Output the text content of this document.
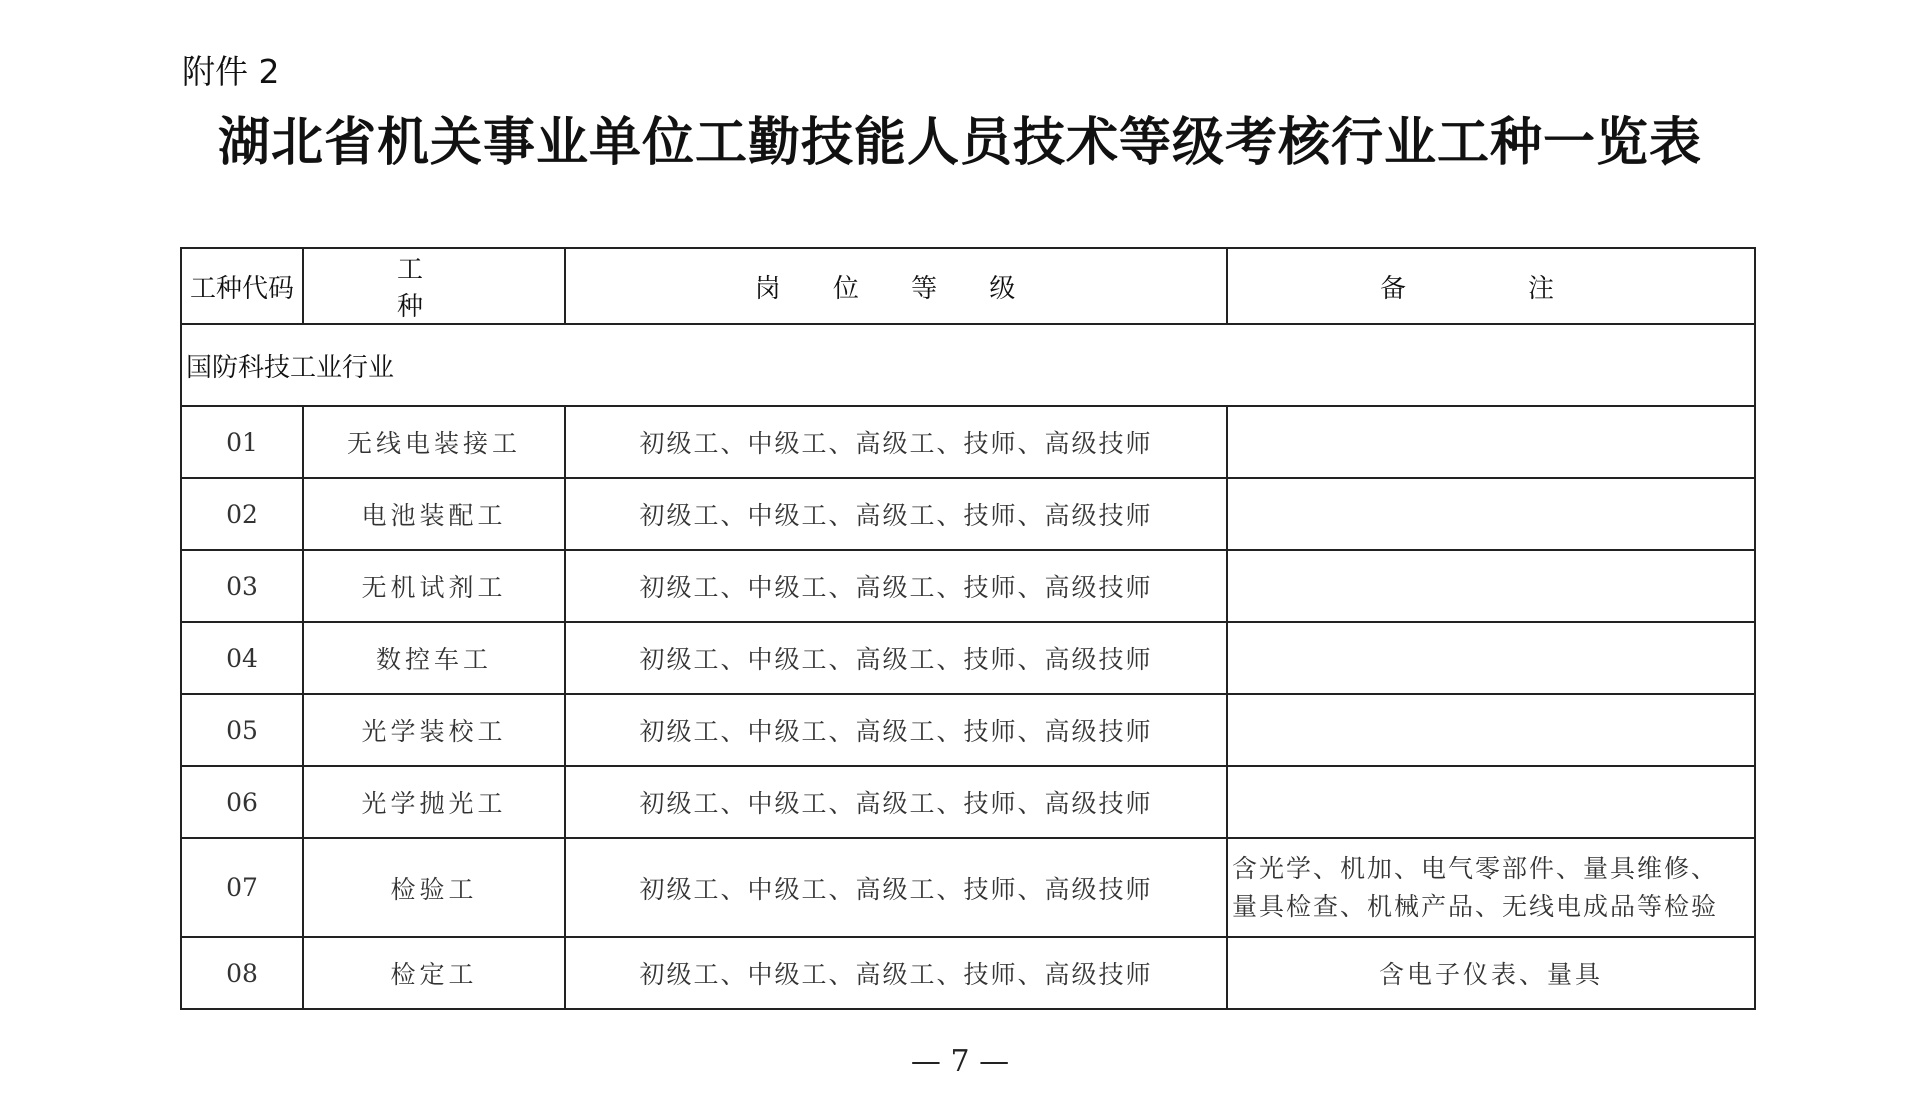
附件 2
湖北省机关事业单位工勤技能人员技术等级考核行业工种一览表
工种代码	工　　种	岗 位 等 级	备　注
国防科技工业行业			
01	无线电装接工	初级工、中级工、高级工、技师、高级技师	
02	电池装配工	初级工、中级工、高级工、技师、高级技师	
03	无机试剂工	初级工、中级工、高级工、技师、高级技师	
04	数控车工	初级工、中级工、高级工、技师、高级技师	
05	光学装校工	初级工、中级工、高级工、技师、高级技师	
06	光学抛光工	初级工、中级工、高级工、技师、高级技师	
07	检验工	初级工、中级工、高级工、技师、高级技师	含光学、机加、电气零部件、量具维修、
量具检查、机械产品、无线电成品等检验
08	检定工	初级工、中级工、高级工、技师、高级技师	含电子仪表、量具
— 7 —
